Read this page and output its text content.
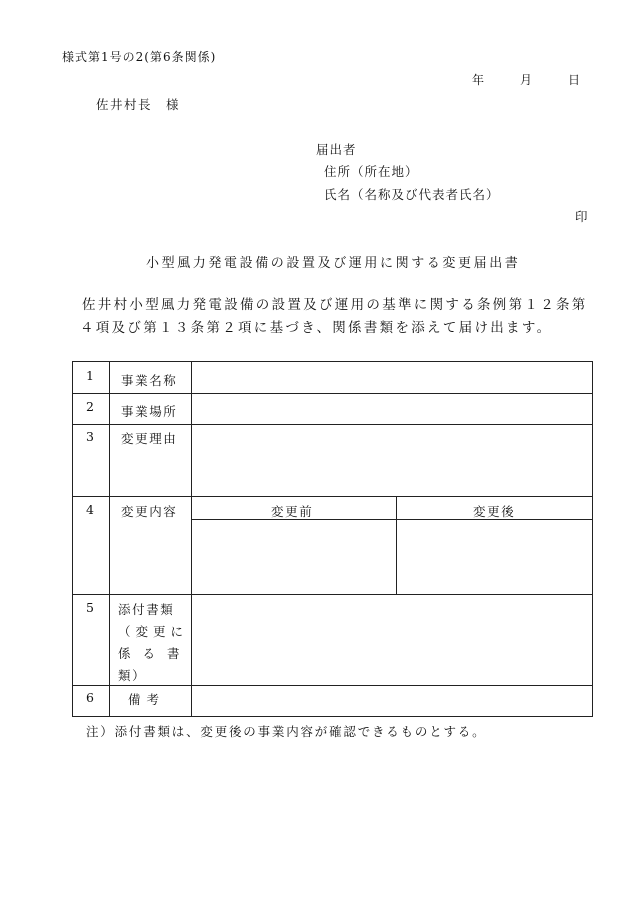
様式第1号の2(第6条関係)
年	月	日
佐井村長 様
届出者
住所（所在地）
氏名（名称及び代表者氏名）
印
小型風力発電設備の設置及び運用に関する変更届出書
佐井村小型風力発電設備の設置及び運用の基準に関する条例第１２条第
４項及び第１３条第２項に基づき、関係書類を添えて届け出ます。
1 事業名称
2 事業場所
3 変更理由
4 変更内容	変更前	変更後
5 添付書類
（変更に
係る書
類）
6	備考
注）添付書類は、変更後の事業内容が確認できるものとする。
